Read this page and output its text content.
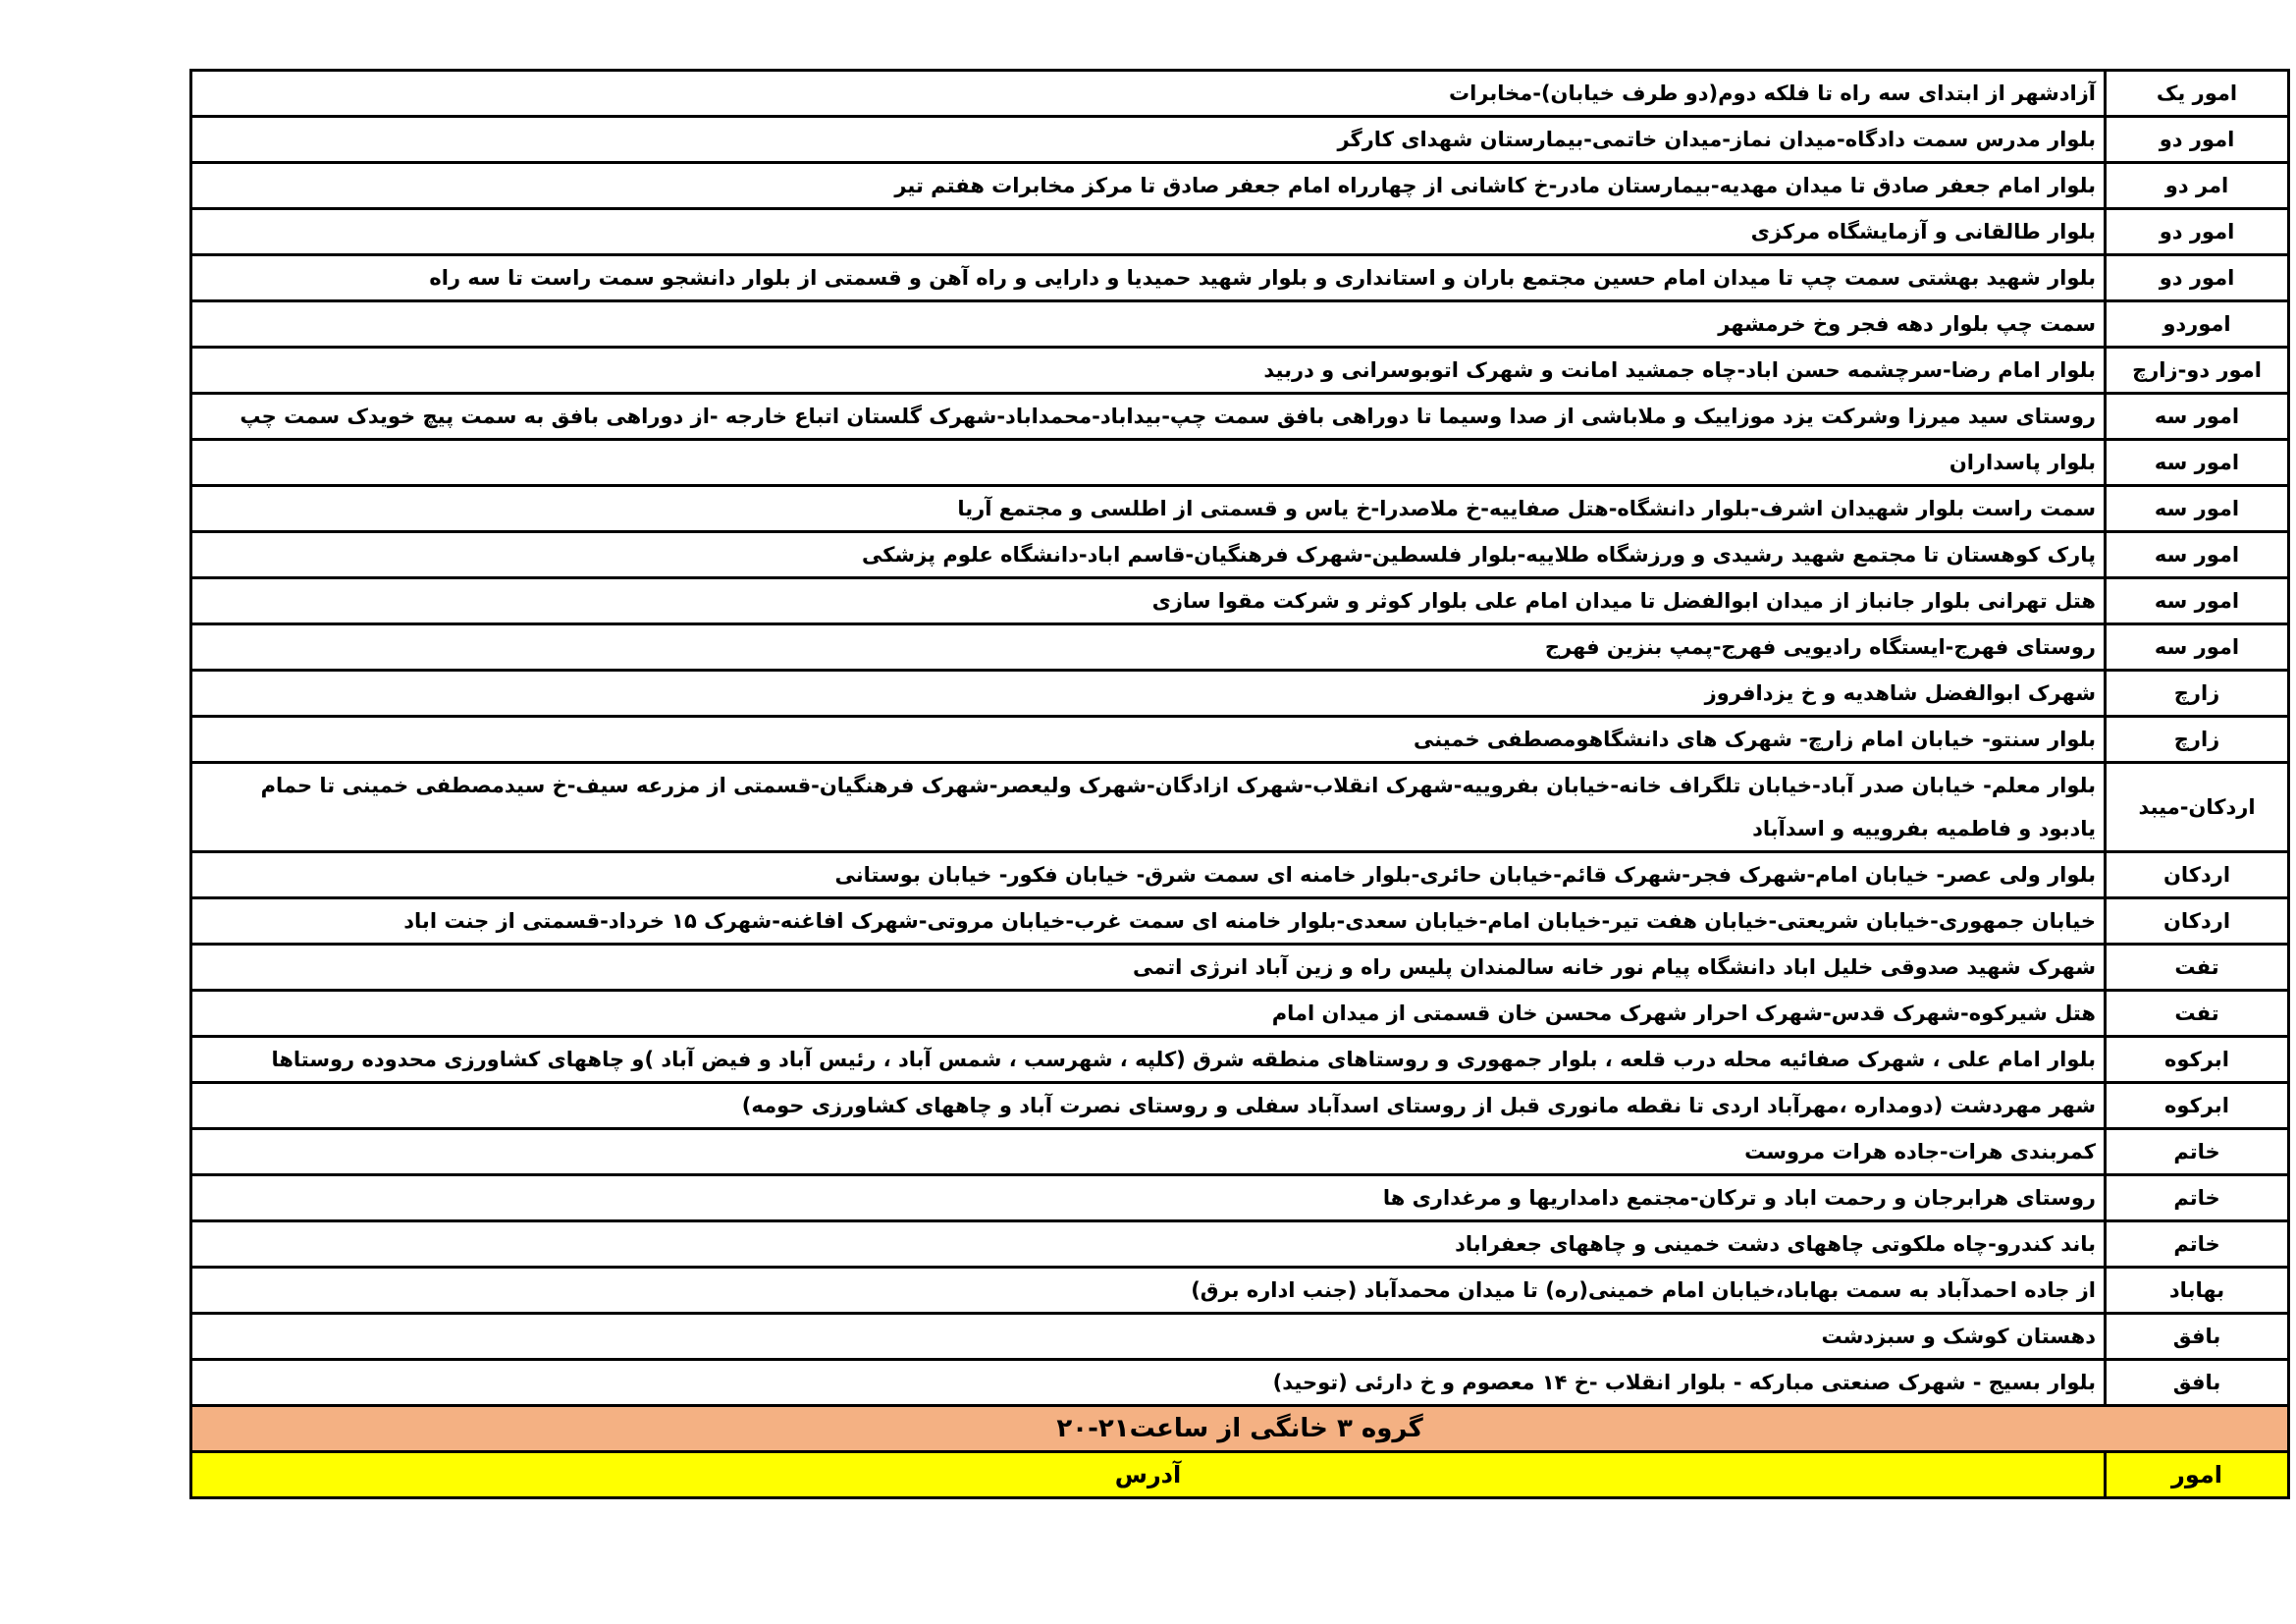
امور یک	آزادشهر از ابتدای سه راه تا فلکه دوم(دو طرف خیابان)-مخابرات
امور دو	بلوار مدرس سمت دادگاه-میدان نماز-میدان خاتمی-بیمارستان شهدای کارگر
امر دو	بلوار امام جعفر صادق تا میدان مهدیه-بیمارستان مادر-خ کاشانی از چهارراه امام جعفر صادق تا مرکز مخابرات هفتم تیر
امور دو	بلوار طالقانی و آزمایشگاه مرکزی
امور دو	بلوار شهید بهشتی سمت چپ تا میدان امام حسین مجتمع باران و استانداری و بلوار شهید حمیدیا و دارایی و راه آهن و قسمتی از بلوار دانشجو سمت راست تا سه راه
اموردو	سمت چپ بلوار دهه فجر وخ خرمشهر
امور دو-زارچ	بلوار امام رضا-سرچشمه حسن اباد-چاه جمشید امانت و شهرک اتوبوسرانی و دربید
امور سه	روستای سید میرزا وشرکت یزد موزاییک و ملاباشی از صدا وسیما تا دوراهی بافق سمت چپ-بیداباد-محمداباد-شهرک گلستان اتباع خارجه -از دوراهی بافق به سمت پیچ خویدک سمت چپ
امور سه	بلوار پاسداران
امور سه	سمت راست بلوار شهیدان اشرف-بلوار دانشگاه-هتل صفاییه-خ ملاصدرا-خ یاس و قسمتی از اطلسی و مجتمع آریا
امور سه	پارک کوهستان تا مجتمع شهید رشیدی و ورزشگاه طلاییه-بلوار فلسطین-شهرک فرهنگیان-قاسم اباد-دانشگاه علوم پزشکی
امور سه	هتل تهرانی بلوار جانباز از میدان ابوالفضل تا میدان امام علی بلوار کوثر و شرکت مقوا سازی
امور سه	روستای فهرج-ایستگاه رادیویی فهرج-پمپ بنزین فهرج
زارچ	شهرک ابوالفضل شاهدیه و خ یزدافروز
زارچ	بلوار سنتو- خیابان امام زارچ- شهرک های دانشگاهومصطفی خمینی
اردکان-میبد	بلوار معلم- خیابان صدر آباد-خیابان تلگراف خانه-خیابان بفروییه-شهرک انقلاب-شهرک ازادگان-شهرک ولیعصر-شهرک فرهنگیان-قسمتی از مزرعه سیف-خ سیدمصطفی خمینی تا حمام یادبود و فاطمیه بفروییه و اسدآباد
اردکان	بلوار ولی عصر- خیابان امام-شهرک فجر-شهرک قائم-خیابان حائری-بلوار خامنه ای سمت شرق- خیابان فکور- خیابان بوستانی
اردکان	خیابان جمهوری-خیابان شریعتی-خیابان هفت تیر-خیابان امام-خیابان سعدی-بلوار خامنه ای سمت غرب-خیابان مروتی-شهرک افاغنه-شهرک ۱۵ خرداد-قسمتی از جنت اباد
تفت	شهرک شهید صدوقی خلیل اباد دانشگاه پیام نور خانه سالمندان پلیس راه و زین آباد انرژی اتمی
تفت	هتل شیرکوه-شهرک قدس-شهرک احرار شهرک محسن خان قسمتی از میدان امام
ابرکوه	بلوار امام علی ، شهرک صفائیه محله درب قلعه ، بلوار جمهوری و روستاهای منطقه شرق (کلپه ، شهرسب ، شمس آباد ، رئیس آباد و فیض آباد )و چاههای کشاورزی محدوده روستاها
ابرکوه	شهر مهردشت (دومداره ،مهرآباد اردی تا نقطه مانوری قبل از روستای اسدآباد سفلی و روستای نصرت آباد و چاههای کشاورزی حومه)
خاتم	کمربندی هرات-جاده هرات مروست
خاتم	روستای هرابرجان و رحمت اباد و ترکان-مجتمع دامداریها و مرغداری ها
خاتم	باند کندرو-چاه ملکوتی چاههای دشت خمینی و چاههای جعفراباد
بهاباد	از جاده احمدآباد به سمت بهاباد،خیابان امام خمینی(ره) تا میدان محمدآباد (جنب اداره برق)
بافق	دهستان کوشک و سبزدشت
بافق	بلوار بسیج - شهرک صنعتی مبارکه - بلوار انقلاب -خ ۱۴ معصوم و خ دارئی (توحید)
گروه ۳ خانگی از ساعت۲۱-۲۰	
امور	آدرس
